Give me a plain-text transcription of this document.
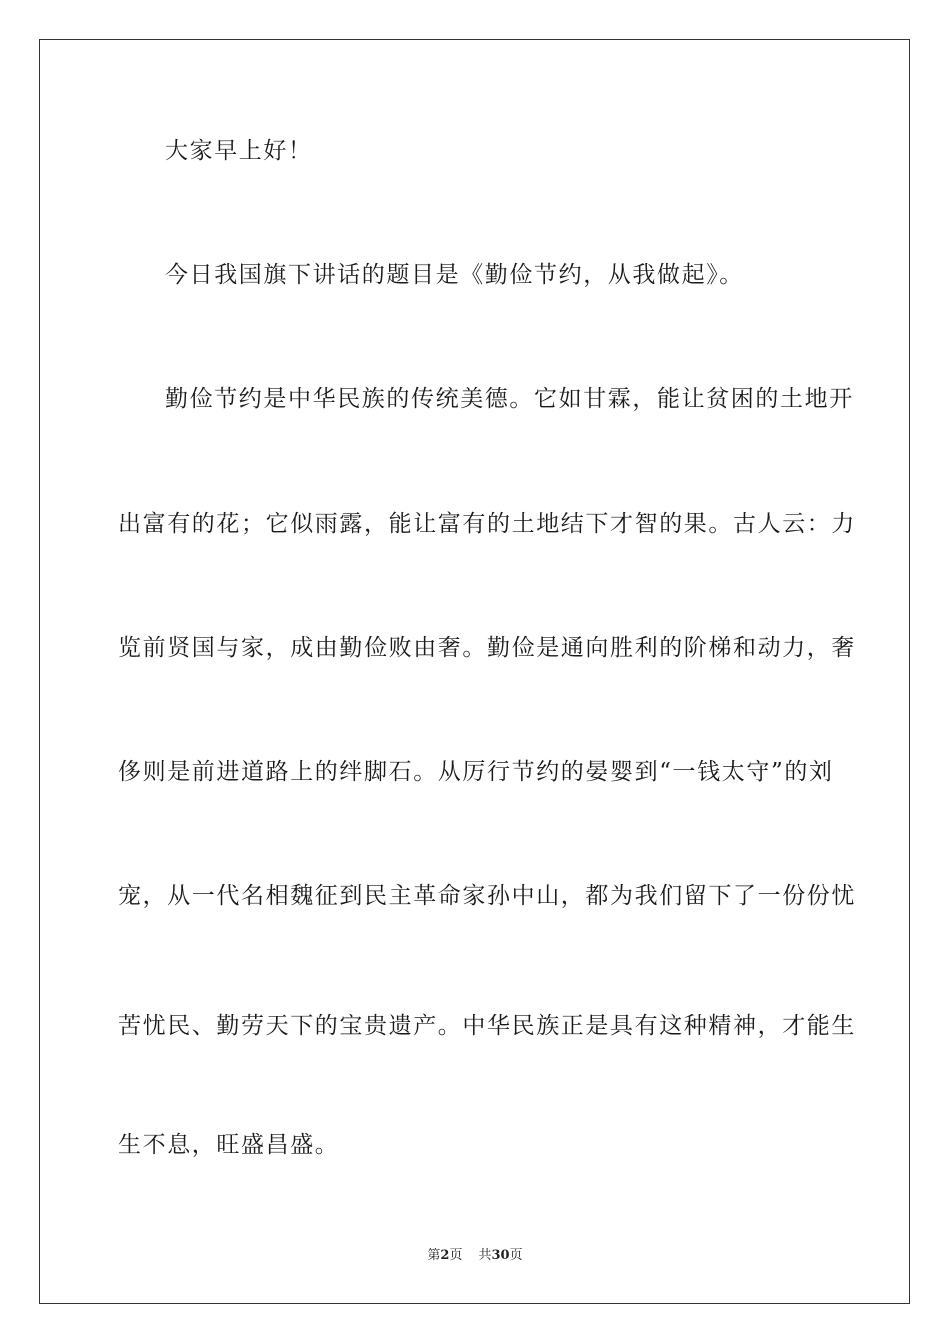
大家早上好！
今日我国旗下讲话的题目是《勤俭节约，从我做起》。
勤俭节约是中华民族的传统美德。它如甘霖，能让贫困的土地开
出富有的花；它似雨露，能让富有的土地结下才智的果。古人云：力
览前贤国与家，成由勤俭败由奢。勤俭是通向胜利的阶梯和动力，奢
侈则是前进道路上的绊脚石。从厉行节约的晏婴到“一钱太守”的刘
宠，从一代名相魏征到民主革命家孙中山，都为我们留下了一份份忧
苦忧民、勤劳天下的宝贵遗产。中华民族正是具有这种精神，才能生
生不息，旺盛昌盛。
第2页 共30页
